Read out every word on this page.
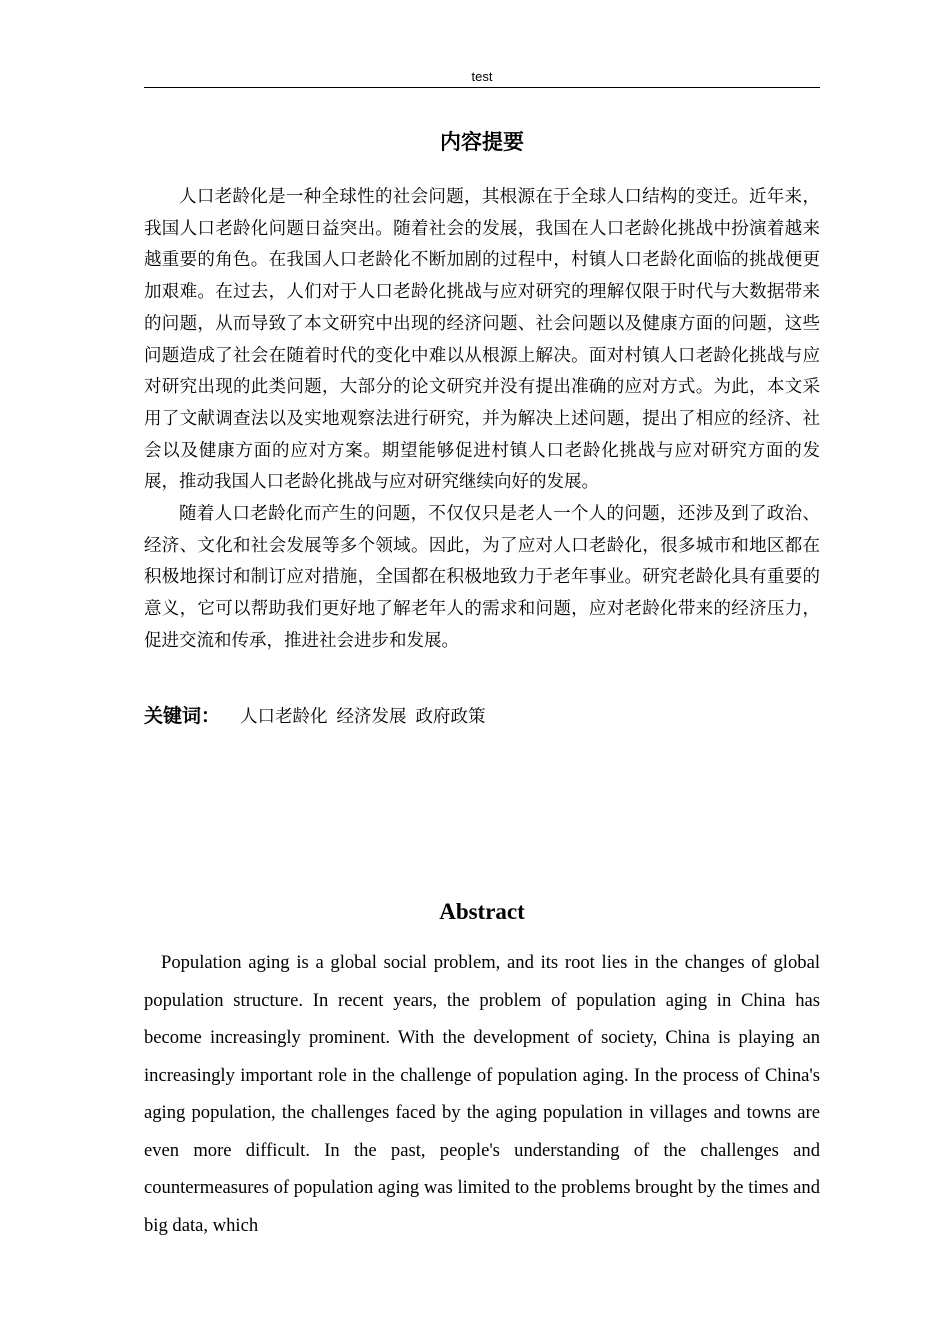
test
内容提要

人口老龄化是一种全球性的社会问题，其根源在于全球人口结构的变迁。近年来，我国人口老龄化问题日益突出。随着社会的发展，我国在人口老龄化挑战中扮演着越来越重要的角色。在我国人口老龄化不断加剧的过程中，村镇人口老龄化面临的挑战便更加艰难。在过去，人们对于人口老龄化挑战与应对研究的理解仅限于时代与大数据带来的问题，从而导致了本文研究中出现的经济问题、社会问题以及健康方面的问题，这些问题造成了社会在随着时代的变化中难以从根源上解决。面对村镇人口老龄化挑战与应对研究出现的此类问题，大部分的论文研究并没有提出准确的应对方式。为此，本文采用了文献调查法以及实地观察法进行研究，并为解决上述问题，提出了相应的经济、社会以及健康方面的应对方案。期望能够促进村镇人口老龄化挑战与应对研究方面的发展，推动我国人口老龄化挑战与应对研究继续向好的发展。

随着人口老龄化而产生的问题，不仅仅只是老人一个人的问题，还涉及到了政治、经济、文化和社会发展等多个领域。因此，为了应对人口老龄化，很多城市和地区都在积极地探讨和制订应对措施，全国都在积极地致力于老年事业。研究老龄化具有重要的意义，它可以帮助我们更好地了解老年人的需求和问题，应对老龄化带来的经济压力，促进交流和传承，推进社会进步和发展。

关键词： 人口老龄化 经济发展 政府政策
Abstract

Population aging is a global social problem, and its root lies in the changes of global population structure. In recent years, the problem of population aging in China has become increasingly prominent. With the development of society, China is playing an increasingly important role in the challenge of population aging. In the process of China's aging population, the challenges faced by the aging population in villages and towns are even more difficult. In the past, people's understanding of the challenges and countermeasures of population aging was limited to the problems brought by the times and big data, which
